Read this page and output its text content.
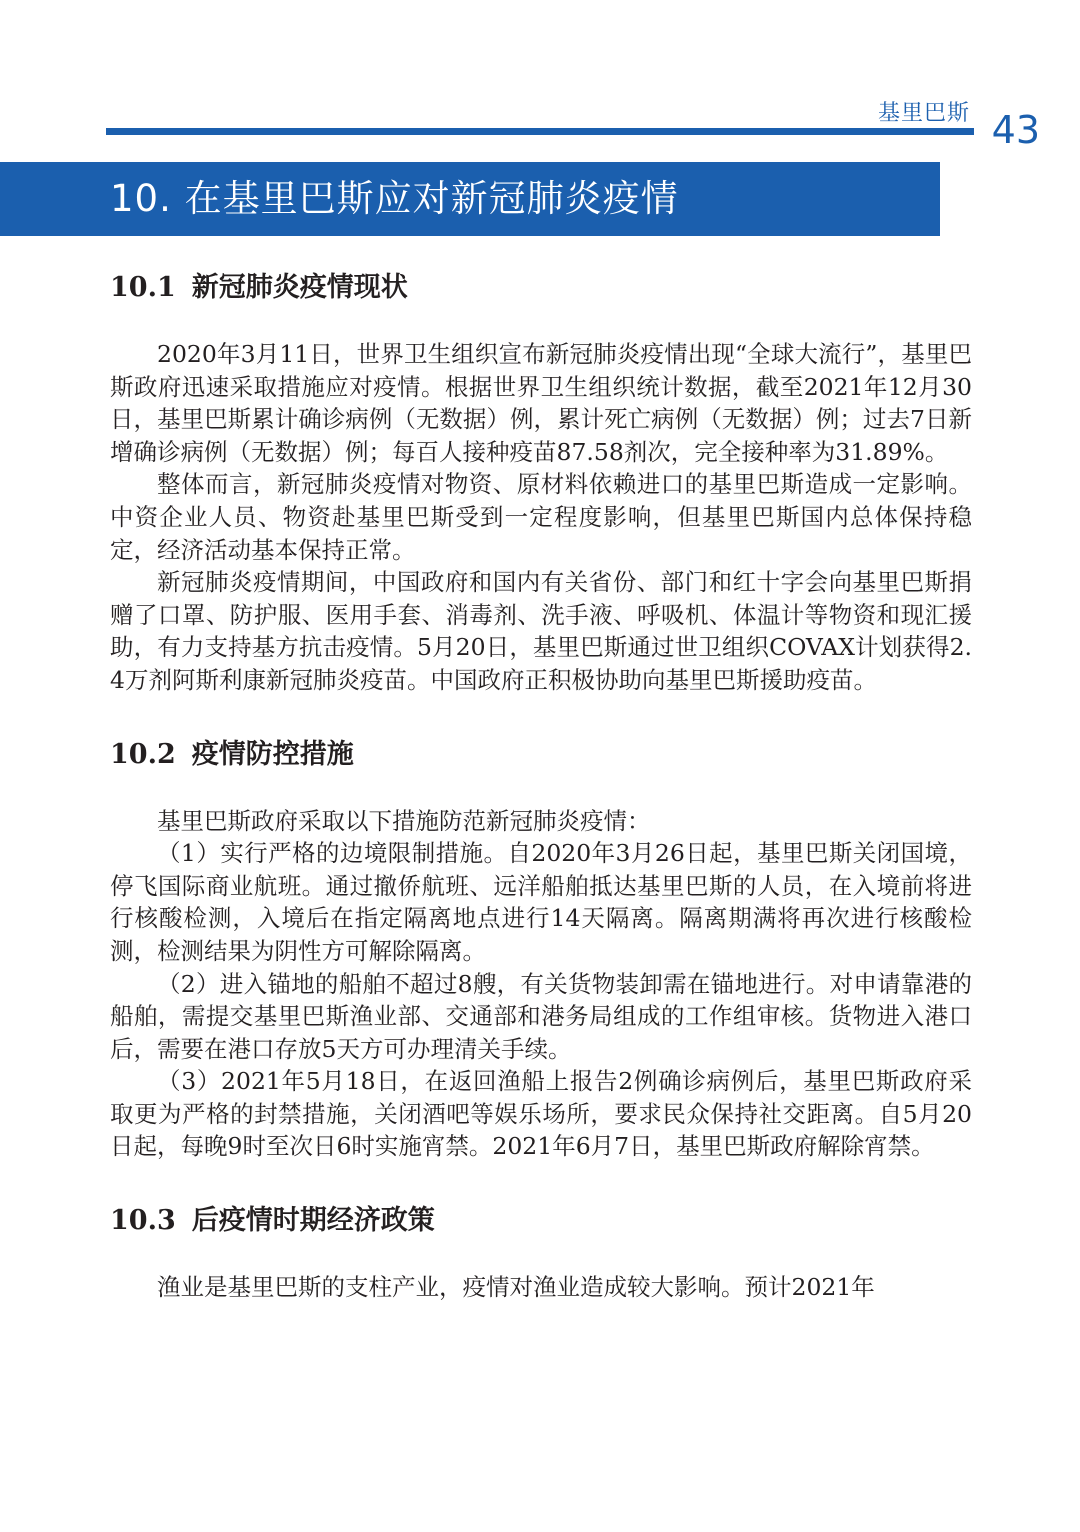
基里巴斯 43
10. 在基里巴斯应对新冠肺炎疫情
10.1 新冠肺炎疫情现状

2020年3月11日，世界卫生组织宣布新冠肺炎疫情出现“全球大流行”，基里巴斯政府迅速采取措施应对疫情。根据世界卫生组织统计数据，截至2021年12月30日，基里巴斯累计确诊病例（无数据）例，累计死亡病例（无数据）例；过去7日新增确诊病例（无数据）例；每百人接种疫苗87.58剂次，完全接种率为31.89%。

整体而言，新冠肺炎疫情对物资、原材料依赖进口的基里巴斯造成一定影响。中资企业人员、物资赴基里巴斯受到一定程度影响，但基里巴斯国内总体保持稳定，经济活动基本保持正常。

新冠肺炎疫情期间，中国政府和国内有关省份、部门和红十字会向基里巴斯捐赠了口罩、防护服、医用手套、消毒剂、洗手液、呼吸机、体温计等物资和现汇援助，有力支持基方抗击疫情。5月20日，基里巴斯通过世卫组织COVAX计划获得2.4万剂阿斯利康新冠肺炎疫苗。中国政府正积极协助向基里巴斯援助疫苗。

10.2 疫情防控措施

基里巴斯政府采取以下措施防范新冠肺炎疫情：

（1）实行严格的边境限制措施。自2020年3月26日起，基里巴斯关闭国境，停飞国际商业航班。通过撤侨航班、远洋船舶抵达基里巴斯的人员，在入境前将进行核酸检测，入境后在指定隔离地点进行14天隔离。隔离期满将再次进行核酸检测，检测结果为阴性方可解除隔离。

（2）进入锚地的船舶不超过8艘，有关货物装卸需在锚地进行。对申请靠港的船舶，需提交基里巴斯渔业部、交通部和港务局组成的工作组审核。货物进入港口后，需要在港口存放5天方可办理清关手续。

（3）2021年5月18日，在返回渔船上报告2例确诊病例后，基里巴斯政府采取更为严格的封禁措施，关闭酒吧等娱乐场所，要求民众保持社交距离。自5月20日起，每晚9时至次日6时实施宵禁。2021年6月7日，基里巴斯政府解除宵禁。

10.3 后疫情时期经济政策

渔业是基里巴斯的支柱产业，疫情对渔业造成较大影响。预计2021年
